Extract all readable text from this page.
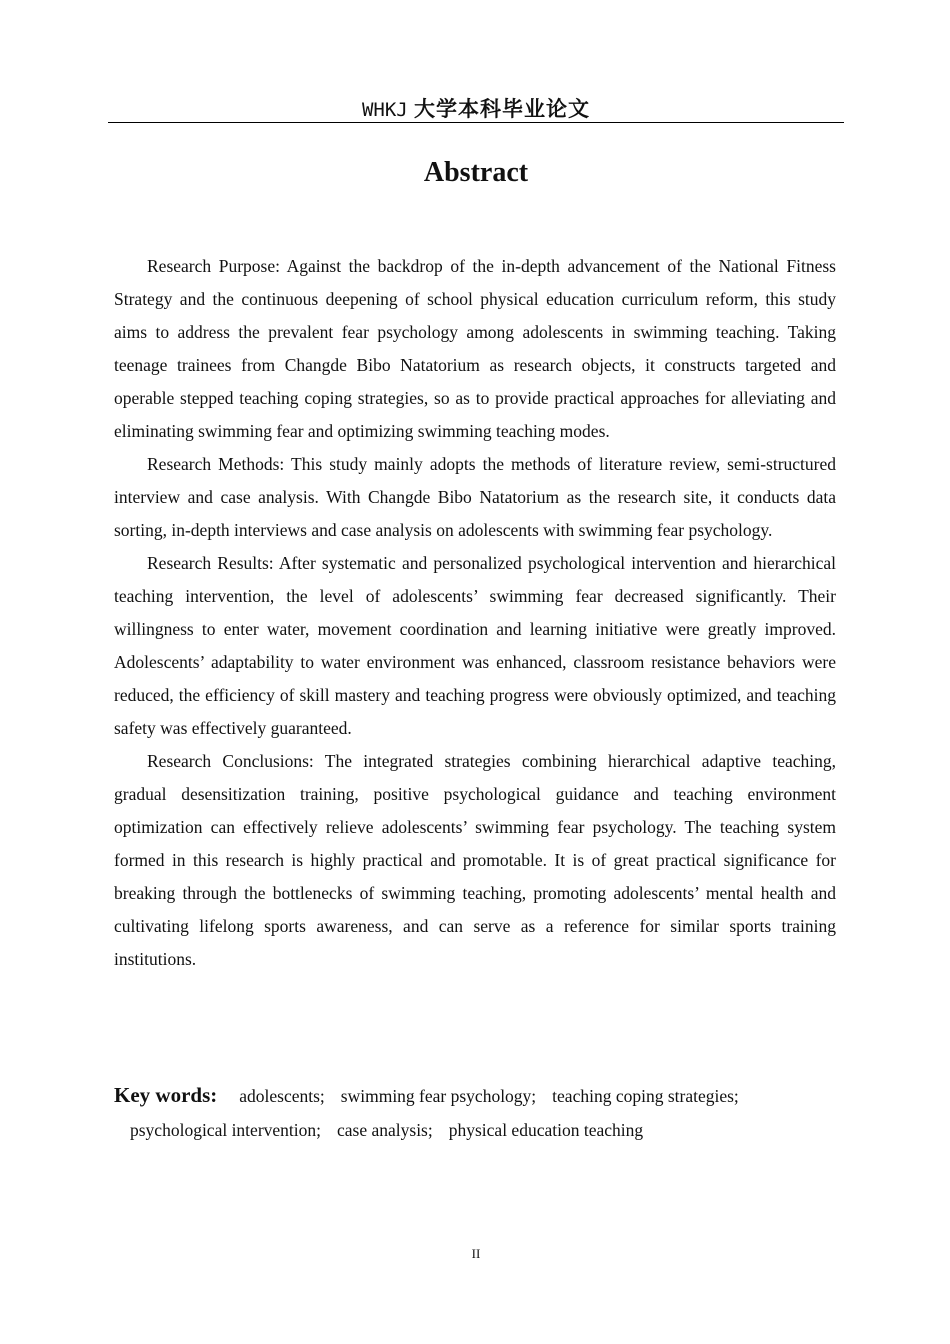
WHKJ 大学本科毕业论文
Abstract

Research Purpose: Against the backdrop of the in-depth advancement of the National Fitness Strategy and the continuous deepening of school physical education curriculum reform, this study aims to address the prevalent fear psychology among adolescents in swimming teaching. Taking teenage trainees from Changde Bibo Natatorium as research objects, it constructs targeted and operable stepped teaching coping strategies, so as to provide practical approaches for alleviating and eliminating swimming fear and optimizing swimming teaching modes.

Research Methods: This study mainly adopts the methods of literature review, semi-structured interview and case analysis. With Changde Bibo Natatorium as the research site, it conducts data sorting, in-depth interviews and case analysis on adolescents with swimming fear psychology.

Research Results: After systematic and personalized psychological intervention and hierarchical teaching intervention, the level of adolescents’ swimming fear decreased significantly. Their willingness to enter water, movement coordination and learning initiative were greatly improved. Adolescents’ adaptability to water environment was enhanced, classroom resistance behaviors were reduced, the efficiency of skill mastery and teaching progress were obviously optimized, and teaching safety was effectively guaranteed.

Research Conclusions: The integrated strategies combining hierarchical adaptive teaching, gradual desensitization training, positive psychological guidance and teaching environment optimization can effectively relieve adolescents’ swimming fear psychology. The teaching system formed in this research is highly practical and promotable. It is of great practical significance for breaking through the bottlenecks of swimming teaching, promoting adolescents’ mental health and cultivating lifelong sports awareness, and can serve as a reference for similar sports training institutions.

Key words: adolescents; swimming fear psychology; teaching coping strategies;
psychological intervention; case analysis; physical education teaching
II
